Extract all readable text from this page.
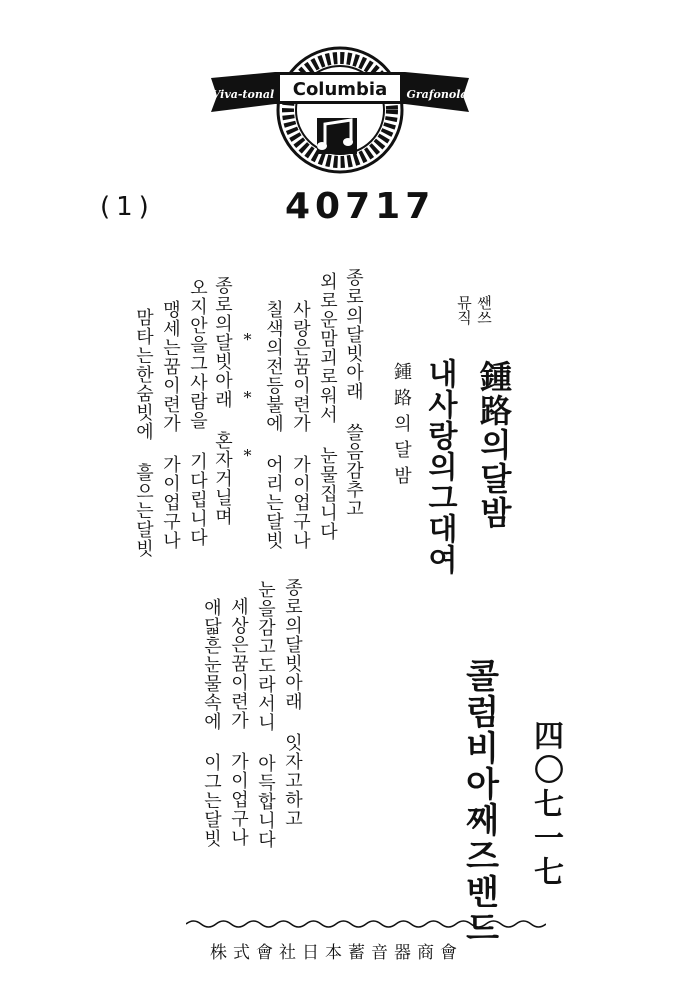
Columbia
Viva-tonal	Grafonola
(1)	40717
뮤직 쌘쓰
鍾路의달밤
내사랑의그대여
鍾路의달밤
종로의달빗아래 쓸음감추고
외로운맘괴로워서 눈물집니다
사랑은꿈이련가 가이업구나
칠색의전등불에 어리는달빗
* * *
종로의달빗아래 혼자거닐며
오지안을그사람을 기다립니다
맹세는꿈이련가 가이업구나
맘타는한숨빗에 흘으는달빗
종로의달빗아래 잇자고하고
눈을감고도라서니 아득합니다
세상은꿈이련가 가이업구나
애닯흔눈물속에 이그는달빗	콜럼비아째즈밴드 四〇七一七
株式會社日本蓄音器商會
